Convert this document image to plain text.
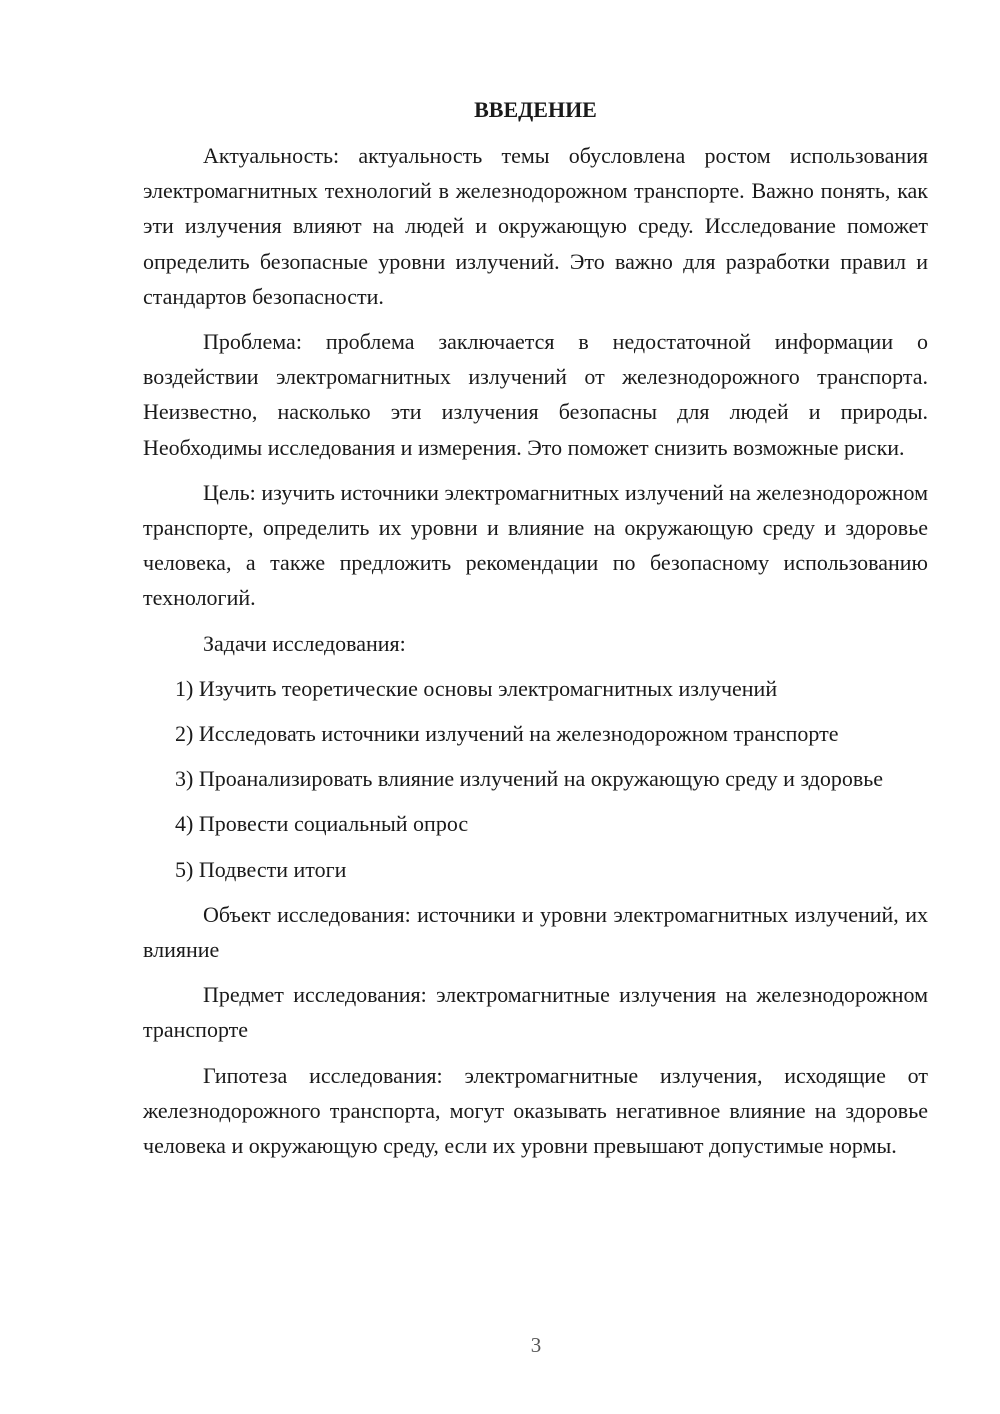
ВВЕДЕНИЕ

Актуальность: актуальность темы обусловлена ростом использования электромагнитных технологий в железнодорожном транспорте. Важно понять, как эти излучения влияют на людей и окружающую среду. Исследование поможет определить безопасные уровни излучений. Это важно для разработки правил и стандартов безопасности.

Проблема: проблема заключается в недостаточной информации о воздействии электромагнитных излучений от железнодорожного транспорта. Неизвестно, насколько эти излучения безопасны для людей и природы. Необходимы исследования и измерения. Это поможет снизить возможные риски.

Цель: изучить источники электромагнитных излучений на железнодорожном транспорте, определить их уровни и влияние на окружающую среду и здоровье человека, а также предложить рекомендации по безопасному использованию технологий.

Задачи исследования:

1) Изучить теоретические основы электромагнитных излучений

2) Исследовать источники излучений на железнодорожном транспорте

3) Проанализировать влияние излучений на окружающую среду и здоровье

4) Провести социальный опрос

5) Подвести итоги

Объект исследования: источники и уровни электромагнитных излучений, их влияние

Предмет исследования: электромагнитные излучения на железнодорожном транспорте

Гипотеза исследования: электромагнитные излучения, исходящие от железнодорожного транспорта, могут оказывать негативное влияние на здоровье человека и окружающую среду, если их уровни превышают допустимые нормы.

3
